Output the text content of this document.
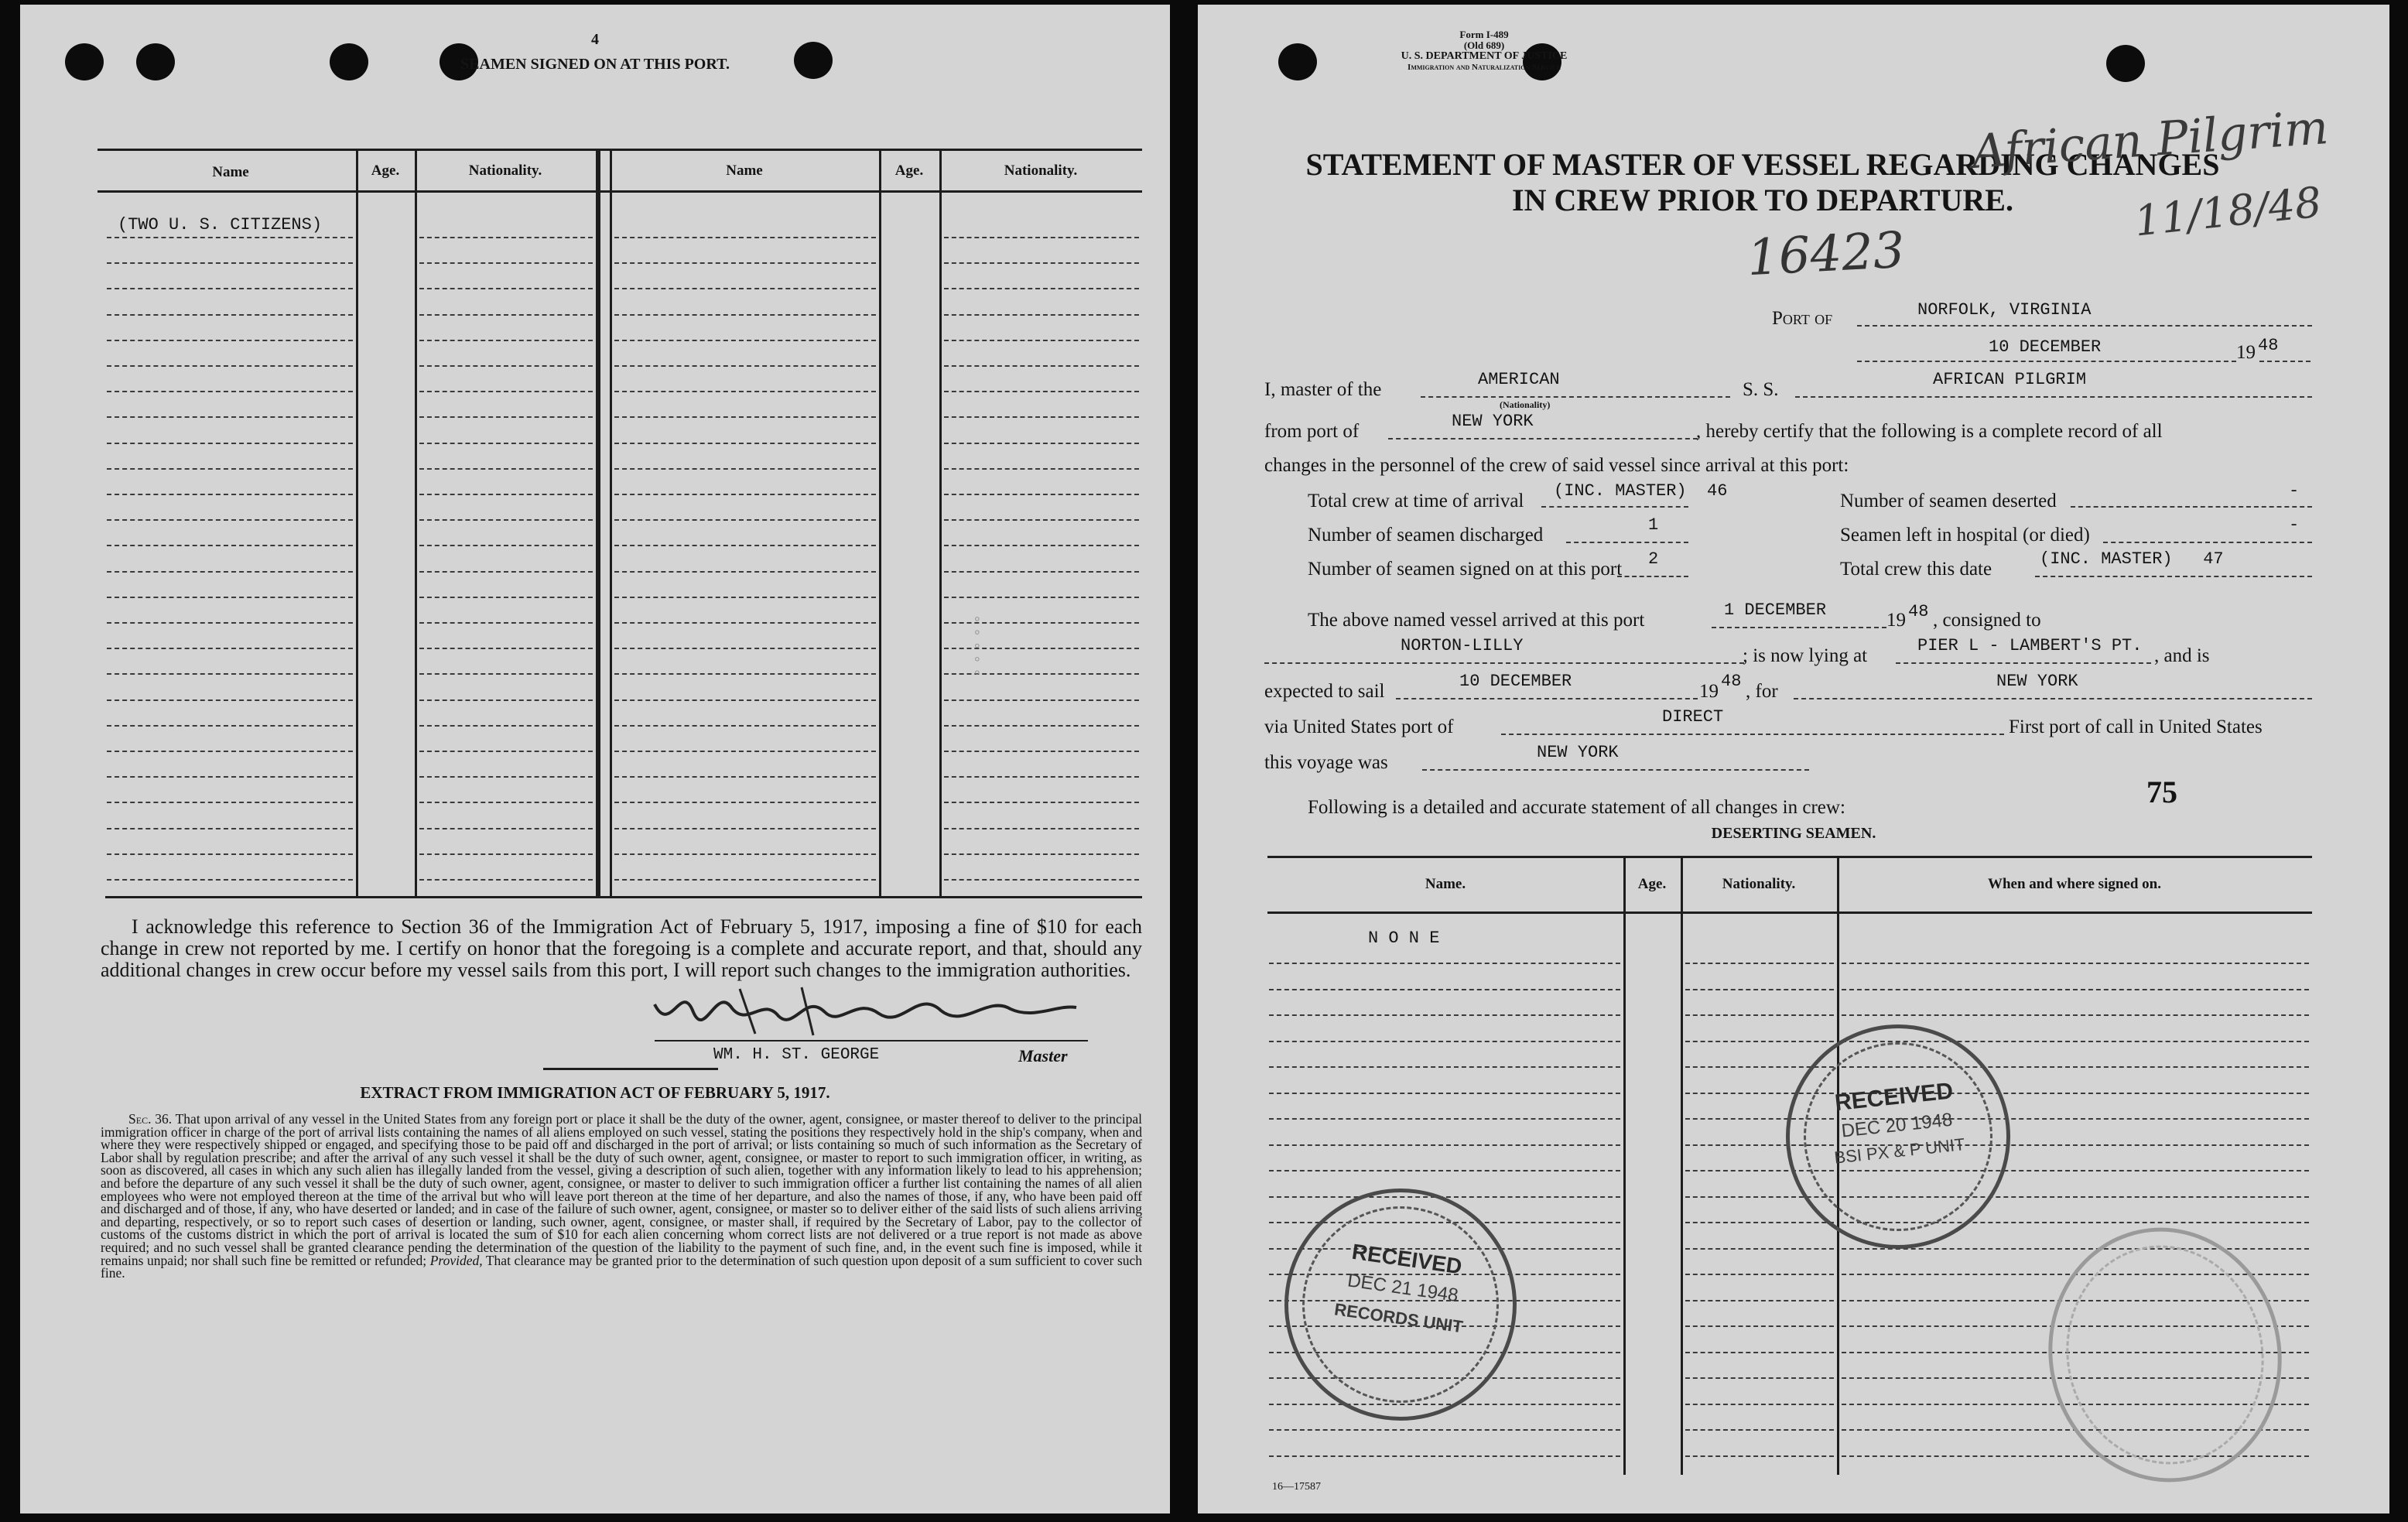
4
SEAMEN SIGNED ON AT THIS PORT.
Name	Age.	Nationality.	Name	Age.	Nationality.
(TWO U. S. CITIZENS)
◦ ◦ ◦ ◦ ◦
I acknowledge this reference to Section 36 of the Immigration Act of February 5, 1917, imposing a fine of $10 for each change in crew not reported by me. I certify on honor that the foregoing is a complete and accurate report, and that, should any additional changes in crew occur before my vessel sails from this port, I will report such changes to the immigration authorities.
WM. H. ST. GEORGE	Master
EXTRACT FROM IMMIGRATION ACT OF FEBRUARY 5, 1917.
Sec. 36. That upon arrival of any vessel in the United States from any foreign port or place it shall be the duty of the owner, agent, consignee, or master thereof to deliver to the principal immigration officer in charge of the port of arrival lists containing the names of all aliens employed on such vessel, stating the positions they respectively hold in the ship's company, when and where they were respectively shipped or engaged, and specifying those to be paid off and discharged in the port of arrival; or lists containing so much of such information as the Secretary of Labor shall by regulation prescribe; and after the arrival of any such vessel it shall be the duty of such owner, agent, consignee, or master to report to such immigration officer, in writing, as soon as discovered, all cases in which any such alien has illegally landed from the vessel, giving a description of such alien, together with any information likely to lead to his apprehension; and before the departure of any such vessel it shall be the duty of such owner, agent, consignee, or master to deliver to such immigration officer a further list containing the names of all alien employees who were not employed thereon at the time of the arrival but who will leave port thereon at the time of her departure, and also the names of those, if any, who have been paid off and discharged and of those, if any, who have deserted or landed; and in case of the failure of such owner, agent, consignee, or master so to deliver either of the said lists of such aliens arriving and departing, respectively, or so to report such cases of desertion or landing, such owner, agent, consignee, or master shall, if required by the Secretary of Labor, pay to the collector of customs of the customs district in which the port of arrival is located the sum of $10 for each alien concerning whom correct lists are not delivered or a true report is not made as above required; and no such vessel shall be granted clearance pending the determination of the question of the liability to the payment of such fine, and, in the event such fine is imposed, while it remains unpaid; nor shall such fine be remitted or refunded; Provided, That clearance may be granted prior to the determination of such question upon deposit of a sum sufficient to cover such fine.
Form I-489
(Old 689)
U. S. DEPARTMENT OF JUSTICE
Immigration and Naturalization Service
STATEMENT OF MASTER OF VESSEL REGARDING CHANGES
IN CREW PRIOR TO DEPARTURE.
African Pilgrim
11/18/48
16423
Port of	NORFOLK, VIRGINIA
10 DECEMBER	19 48
I, master of the	AMERICAN
(Nationality)
S. S.	AFRICAN PILGRIM
from port of	NEW YORK	, hereby certify that the following is a complete record of all
changes in the personnel of the crew of said vessel since arrival at this port:
Total crew at time of arrival (INC. MASTER)  46	Number of seamen deserted	-
Number of seamen discharged	1	Seamen left in hospital (or died)	-
Number of seamen signed on at this port 2	Total crew this date	(INC. MASTER)   47
The above named vessel arrived at this port	1 DECEMBER	19 48 , consigned to
NORTON-LILLY	; is now lying at	PIER L - LAMBERT'S PT. , and is
expected to sail	10 DECEMBER	19 48 , for	NEW YORK
via United States port of	DIRECT	First port of call in United States
this voyage was	NEW YORK
75
Following is a detailed and accurate statement of all changes in crew:
DESERTING SEAMEN.
Name.	Age.	Nationality.	When and where signed on.
N O N E
RECEIVED
DEC 20 1948
BSI PX & P UNIT
RECEIVED
DEC 21 1948
RECORDS UNIT
16—17587
